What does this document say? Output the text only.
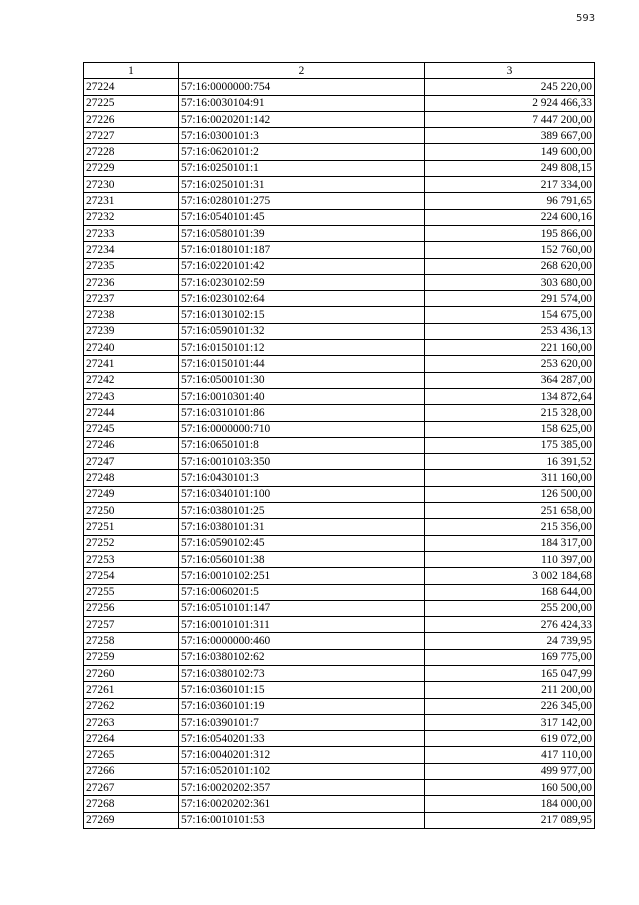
593
1	2	3
27224	57:16:0000000:754	245 220,00
27225	57:16:0030104:91	2 924 466,33
27226	57:16:0020201:142	7 447 200,00
27227	57:16:0300101:3	389 667,00
27228	57:16:0620101:2	149 600,00
27229	57:16:0250101:1	249 808,15
27230	57:16:0250101:31	217 334,00
27231	57:16:0280101:275	96 791,65
27232	57:16:0540101:45	224 600,16
27233	57:16:0580101:39	195 866,00
27234	57:16:0180101:187	152 760,00
27235	57:16:0220101:42	268 620,00
27236	57:16:0230102:59	303 680,00
27237	57:16:0230102:64	291 574,00
27238	57:16:0130102:15	154 675,00
27239	57:16:0590101:32	253 436,13
27240	57:16:0150101:12	221 160,00
27241	57:16:0150101:44	253 620,00
27242	57:16:0500101:30	364 287,00
27243	57:16:0010301:40	134 872,64
27244	57:16:0310101:86	215 328,00
27245	57:16:0000000:710	158 625,00
27246	57:16:0650101:8	175 385,00
27247	57:16:0010103:350	16 391,52
27248	57:16:0430101:3	311 160,00
27249	57:16:0340101:100	126 500,00
27250	57:16:0380101:25	251 658,00
27251	57:16:0380101:31	215 356,00
27252	57:16:0590102:45	184 317,00
27253	57:16:0560101:38	110 397,00
27254	57:16:0010102:251	3 002 184,68
27255	57:16:0060201:5	168 644,00
27256	57:16:0510101:147	255 200,00
27257	57:16:0010101:311	276 424,33
27258	57:16:0000000:460	24 739,95
27259	57:16:0380102:62	169 775,00
27260	57:16:0380102:73	165 047,99
27261	57:16:0360101:15	211 200,00
27262	57:16:0360101:19	226 345,00
27263	57:16:0390101:7	317 142,00
27264	57:16:0540201:33	619 072,00
27265	57:16:0040201:312	417 110,00
27266	57:16:0520101:102	499 977,00
27267	57:16:0020202:357	160 500,00
27268	57:16:0020202:361	184 000,00
27269	57:16:0010101:53	217 089,95
